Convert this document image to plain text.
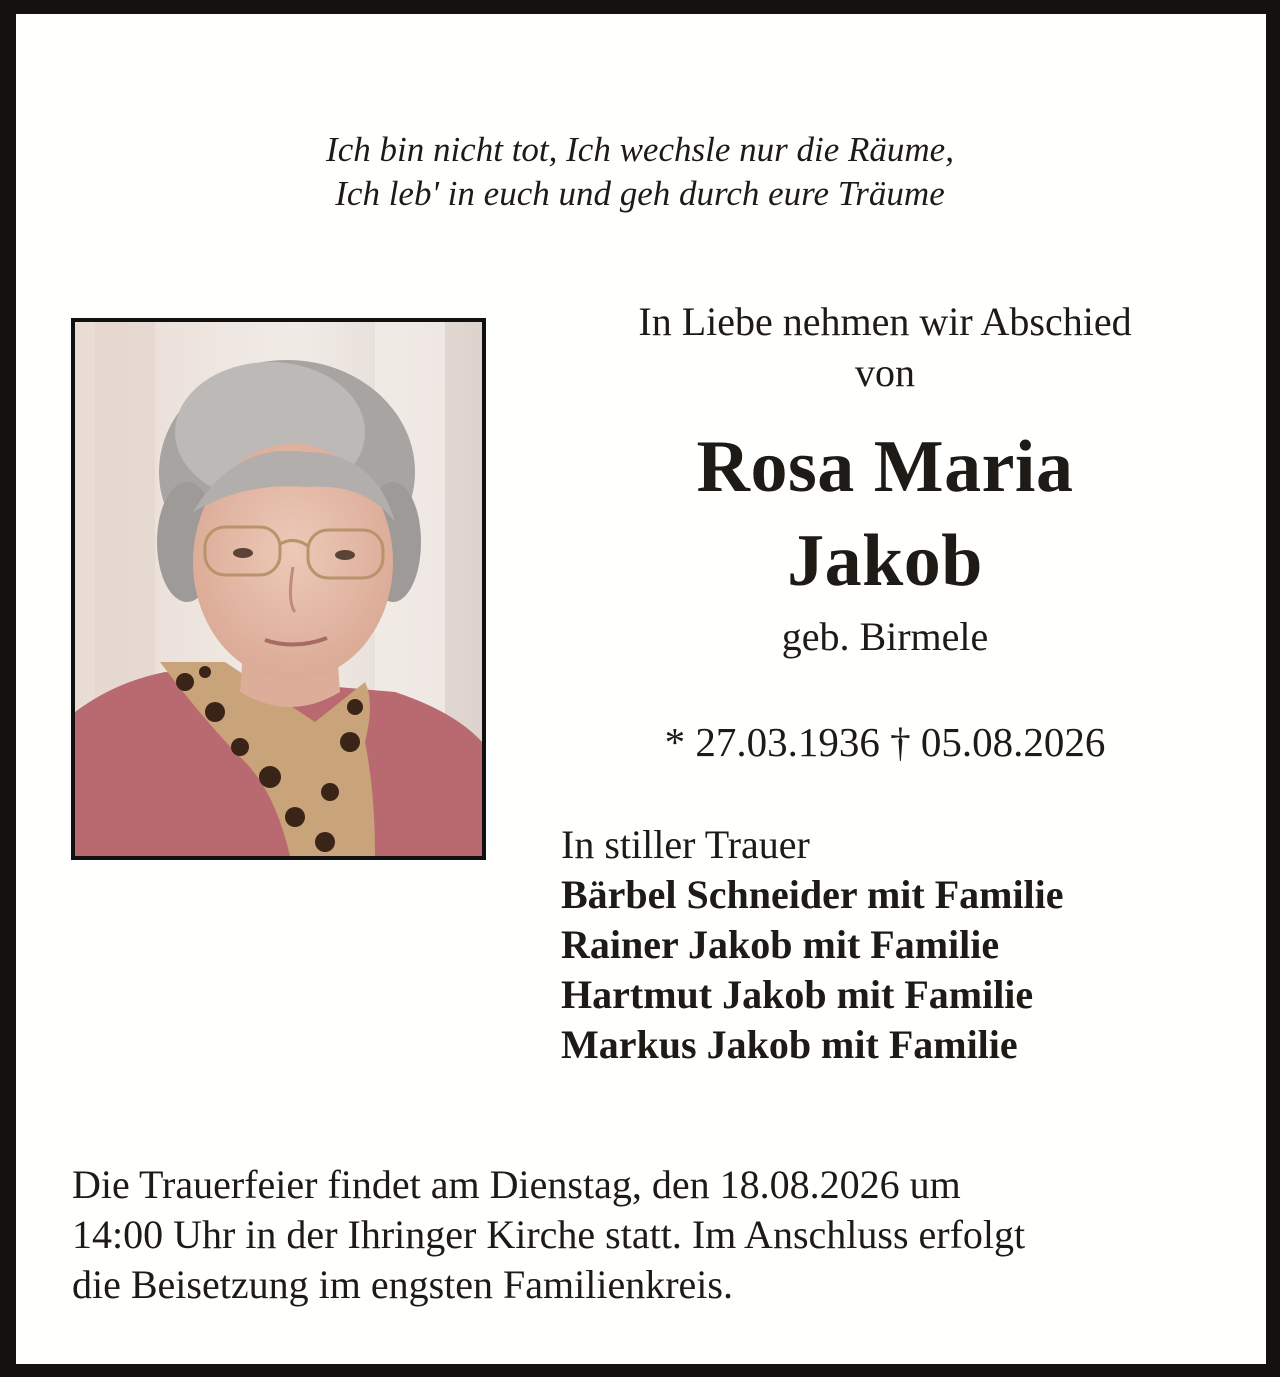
Ich bin nicht tot, Ich wechsle nur die Räume,
Ich leb' in euch und geh durch eure Träume
In Liebe nehmen wir Abschied
von
Rosa Maria
Jakob
geb. Birmele
* 27.03.1936 † 05.08.2026
In stiller Trauer
Bärbel Schneider mit Familie
Rainer Jakob mit Familie
Hartmut Jakob mit Familie
Markus Jakob mit Familie
Die Trauerfeier findet am Dienstag, den 18.08.2026 um
14:00 Uhr in der Ihringer Kirche statt. Im Anschluss erfolgt
die Beisetzung im engsten Familienkreis.
